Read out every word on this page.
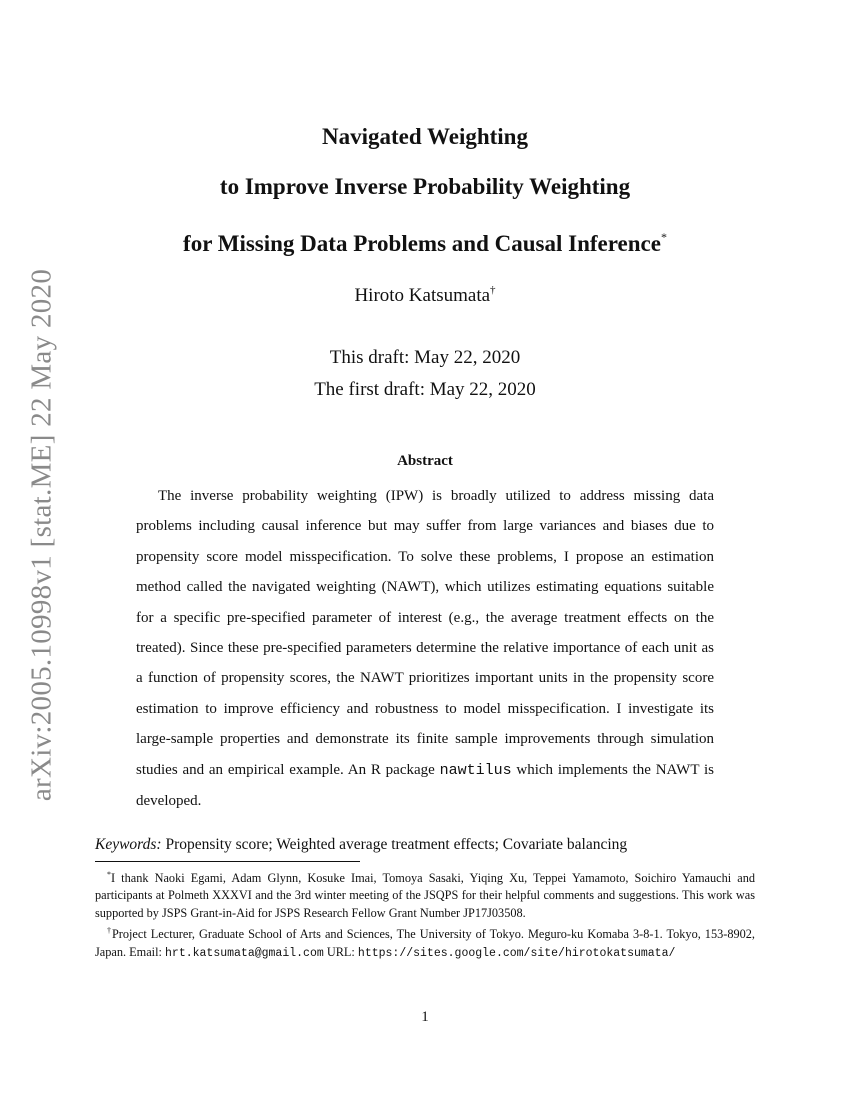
arXiv:2005.10998v1 [stat.ME] 22 May 2020

Navigated Weighting

to Improve Inverse Probability Weighting

for Missing Data Problems and Causal Inference*

Hiroto Katsumata†
This draft: May 22, 2020
The first draft: May 22, 2020
Abstract

The inverse probability weighting (IPW) is broadly utilized to address missing data problems including causal inference but may suffer from large variances and biases due to propensity score model misspecification. To solve these problems, I propose an estimation method called the navigated weighting (NAWT), which utilizes estimating equations suitable for a specific pre-specified parameter of interest (e.g., the average treatment effects on the treated). Since these pre-specified parameters determine the relative importance of each unit as a function of propensity scores, the NAWT prioritizes important units in the propensity score estimation to improve efficiency and robustness to model misspecification. I investigate its large-sample properties and demonstrate its finite sample improvements through simulation studies and an empirical example. An R package nawtilus which implements the NAWT is developed.

Keywords: Propensity score; Weighted average treatment effects; Covariate balancing

*I thank Naoki Egami, Adam Glynn, Kosuke Imai, Tomoya Sasaki, Yiqing Xu, Teppei Yamamoto, Soichiro Yamauchi and participants at Polmeth XXXVI and the 3rd winter meeting of the JSQPS for their helpful comments and suggestions. This work was supported by JSPS Grant-in-Aid for JSPS Research Fellow Grant Number JP17J03508.

†Project Lecturer, Graduate School of Arts and Sciences, The University of Tokyo. Meguro-ku Komaba 3-8-1. Tokyo, 153-8902, Japan. Email: hrt.katsumata@gmail.com URL: https://sites.google.com/site/hirotokatsumata/

1
